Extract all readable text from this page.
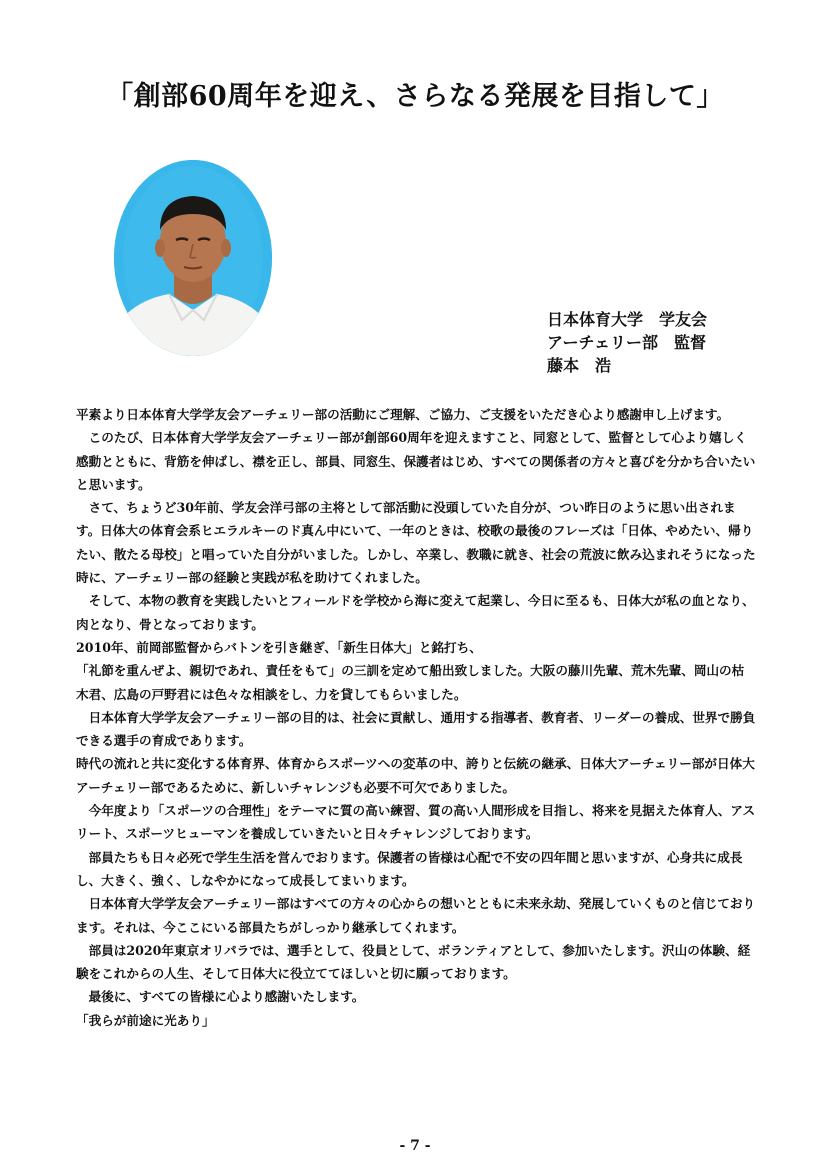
「創部60周年を迎え、さらなる発展を目指して」
日本体育大学　学友会
アーチェリー部　監督
藤本　浩

平素より日本体育大学学友会アーチェリー部の活動にご理解、ご協力、ご支援をいただき心より感謝申し上げます。

このたび、日本体育大学学友会アーチェリー部が創部60周年を迎えますこと、同窓として、監督として心より嬉しく感動とともに、背筋を伸ばし、襟を正し、部員、同窓生、保護者はじめ、すべての関係者の方々と喜びを分かち合いたいと思います。

さて、ちょうど30年前、学友会洋弓部の主将として部活動に没頭していた自分が、つい昨日のように思い出されます。日体大の体育会系ヒエラルキーのド真ん中にいて、一年のときは、校歌の最後のフレーズは「日体、やめたい、帰りたい、散たる母校」と唱っていた自分がいました。しかし、卒業し、教職に就き、社会の荒波に飲み込まれそうになった時に、アーチェリー部の経験と実践が私を助けてくれました。

そして、本物の教育を実践したいとフィールドを学校から海に変えて起業し、今日に至るも、日体大が私の血となり、肉となり、骨となっております。

2010年、前岡部監督からバトンを引き継ぎ、「新生日体大」と銘打ち、

「礼節を重んぜよ、親切であれ、責任をもて」の三訓を定めて船出致しました。大阪の藤川先輩、荒木先輩、岡山の枯木君、広島の戸野君には色々な相談をし、力を貸してもらいました。

日本体育大学学友会アーチェリー部の目的は、社会に貢献し、通用する指導者、教育者、リーダーの養成、世界で勝負できる選手の育成であります。

時代の流れと共に変化する体育界、体育からスポーツへの変革の中、誇りと伝統の継承、日体大アーチェリー部が日体大アーチェリー部であるために、新しいチャレンジも必要不可欠でありました。

今年度より「スポーツの合理性」をテーマに質の高い練習、質の高い人間形成を目指し、将来を見据えた体育人、アスリート、スポーツヒューマンを養成していきたいと日々チャレンジしております。

部員たちも日々必死で学生生活を営んでおります。保護者の皆様は心配で不安の四年間と思いますが、心身共に成長し、大きく、強く、しなやかになって成長してまいります。

日本体育大学学友会アーチェリー部はすべての方々の心からの想いとともに未来永劫、発展していくものと信じております。それは、今ここにいる部員たちがしっかり継承してくれます。

部員は2020年東京オリパラでは、選手として、役員として、ボランティアとして、参加いたします。沢山の体験、経験をこれからの人生、そして日体大に役立ててほしいと切に願っております。

最後に、すべての皆様に心より感謝いたします。

「我らが前途に光あり」

- 7 -
